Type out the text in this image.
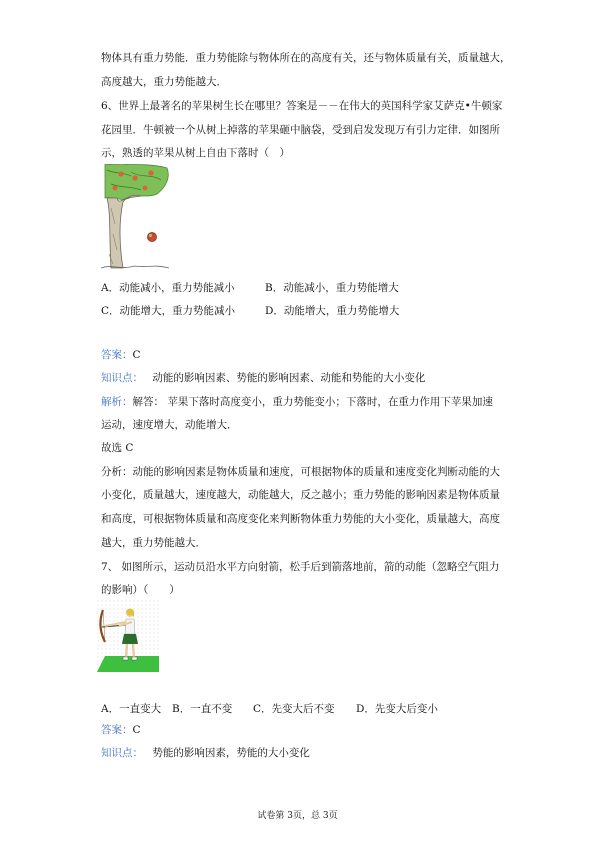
物体具有重力势能．重力势能除与物体所在的高度有关，还与物体质量有关，质量越大，
高度越大，重力势能越大．
6、世界上最著名的苹果树生长在哪里？答案是－－在伟大的英国科学家艾萨克•牛顿家
花园里．牛顿被一个从树上掉落的苹果砸中脑袋，受到启发发现万有引力定律．如图所
示，熟透的苹果从树上自由下落时（　）
A．动能减小，重力势能减小	B．动能减小，重力势能增大
C．动能增大，重力势能减小	D．动能增大，重力势能增大
答案：C
知识点： 动能的影响因素、势能的影响因素、动能和势能的大小变化
解析：解答： 苹果下落时高度变小，重力势能变小；下落时，在重力作用下苹果加速
运动，速度增大，动能增大．
故选 C
分析：动能的影响因素是物体质量和速度，可根据物体的质量和速度变化判断动能的大
小变化，质量越大，速度越大，动能越大，反之越小；重力势能的影响因素是物体质量
和高度，可根据物体质量和高度变化来判断物体重力势能的大小变化，质量越大，高度
越大，重力势能越大．
7、 如图所示，运动员沿水平方向射箭，松手后到箭落地前，箭的动能（忽略空气阻力
的影响）（　　）
A．一直变大 B．一直不变 C．先变大后不变 D．先变大后变小
答案：C
知识点： 势能的影响因素，势能的大小变化
试卷第 3页，总 3页
